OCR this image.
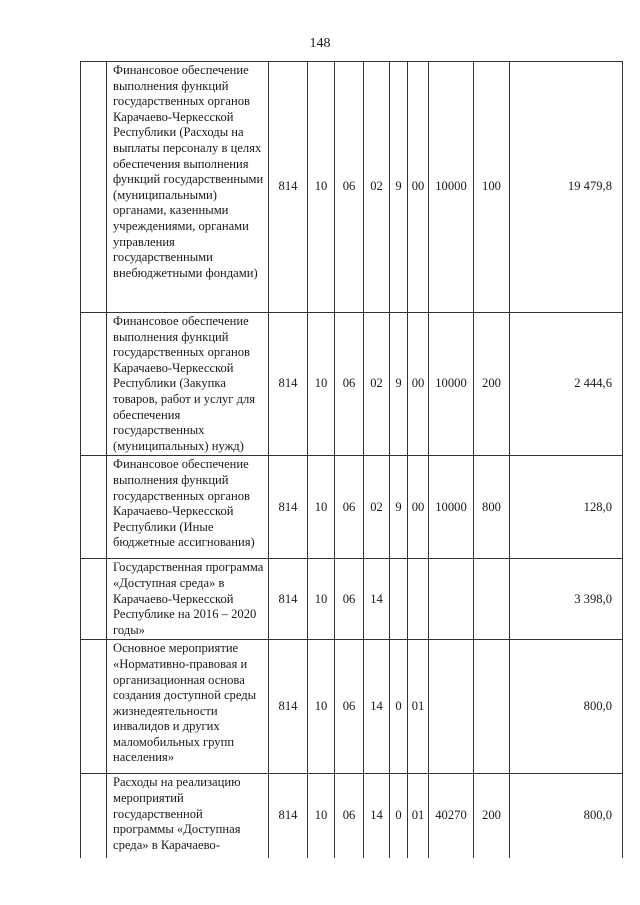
148
	Финансовое обеспечение выполнения функций государственных органов Карачаево-Черкесской Республики (Расходы на выплаты персоналу в целях обеспечения выполнения функций государственными (муниципальными) органами, казенными учреждениями, органами управления государственными внебюджетными фондами)	814	10	06	02	9	00	10000	100	19 479,8
	Финансовое обеспечение выполнения функций государственных органов Карачаево-Черкесской Республики (Закупка товаров, работ и услуг для обеспечения государственных (муниципальных) нужд)	814	10	06	02	9	00	10000	200	2 444,6
	Финансовое обеспечение выполнения функций государственных органов Карачаево-Черкесской Республики (Иные бюджетные ассигнования)	814	10	06	02	9	00	10000	800	128,0
	Государственная программа «Доступная среда» в Карачаево-Черкесской Республике на 2016 – 2020 годы»	814	10	06	14					3 398,0
	Основное мероприятие «Нормативно-правовая и организационная основа создания доступной среды жизнедеятельности инвалидов и других маломобильных групп населения»	814	10	06	14	0	01			800,0
	Расходы на реализацию мероприятий государственной программы «Доступная среда» в Карачаево-	814	10	06	14	0	01	40270	200	800,0
